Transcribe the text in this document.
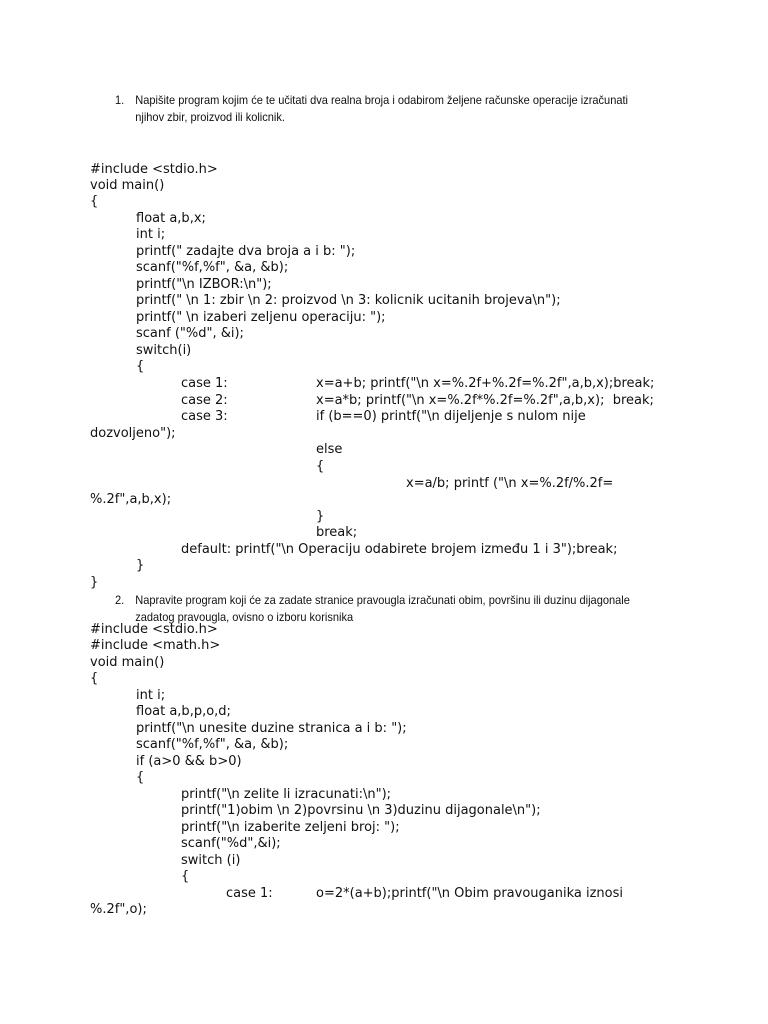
1. Napišite program kojim će te učitati dva realna broja i odabirom željene računske operacije izračunati njihov zbir, proizvod ili kolicnik.
2. Napravite program koji će za zadate stranice pravougla izračunati obim, površinu ili duzinu dijagonale zadatog pravougla, ovisno o izboru korisnika
#include <stdio.h>
void main()
{
float a,b,x;
int i;
printf(" zadajte dva broja a i b: ");
scanf("%f,%f", &a, &b);
printf("\n IZBOR:\n");
printf(" \n 1: zbir \n 2: proizvod \n 3: kolicnik ucitanih brojeva\n");
printf(" \n izaberi zeljenu operaciju: ");
scanf ("%d", &i);
switch(i)
{
case 1:	x=a+b; printf("\n x=%.2f+%.2f=%.2f",a,b,x);break;
case 2:	x=a*b; printf("\n x=%.2f*%.2f=%.2f",a,b,x);  break;
case 3:	if (b==0) printf("\n dijeljenje s nulom nije
dozvoljeno");
else
{
x=a/b; printf ("\n x=%.2f/%.2f=
%.2f",a,b,x);
}
break;
default: printf("\n Operaciju odabirete brojem između 1 i 3");break;
}
}
#include <stdio.h>
#include <math.h>
void main()
{
int i;
float a,b,p,o,d;
printf("\n unesite duzine stranica a i b: ");
scanf("%f,%f", &a, &b);
if (a>0 && b>0)
{
printf("\n zelite li izracunati:\n");
printf("1)obim \n 2)povrsinu \n 3)duzinu dijagonale\n");
printf("\n izaberite zeljeni broj: ");
scanf("%d",&i);
switch (i)
{
case 1:	o=2*(a+b);printf("\n Obim pravouganika iznosi
%.2f",o);
